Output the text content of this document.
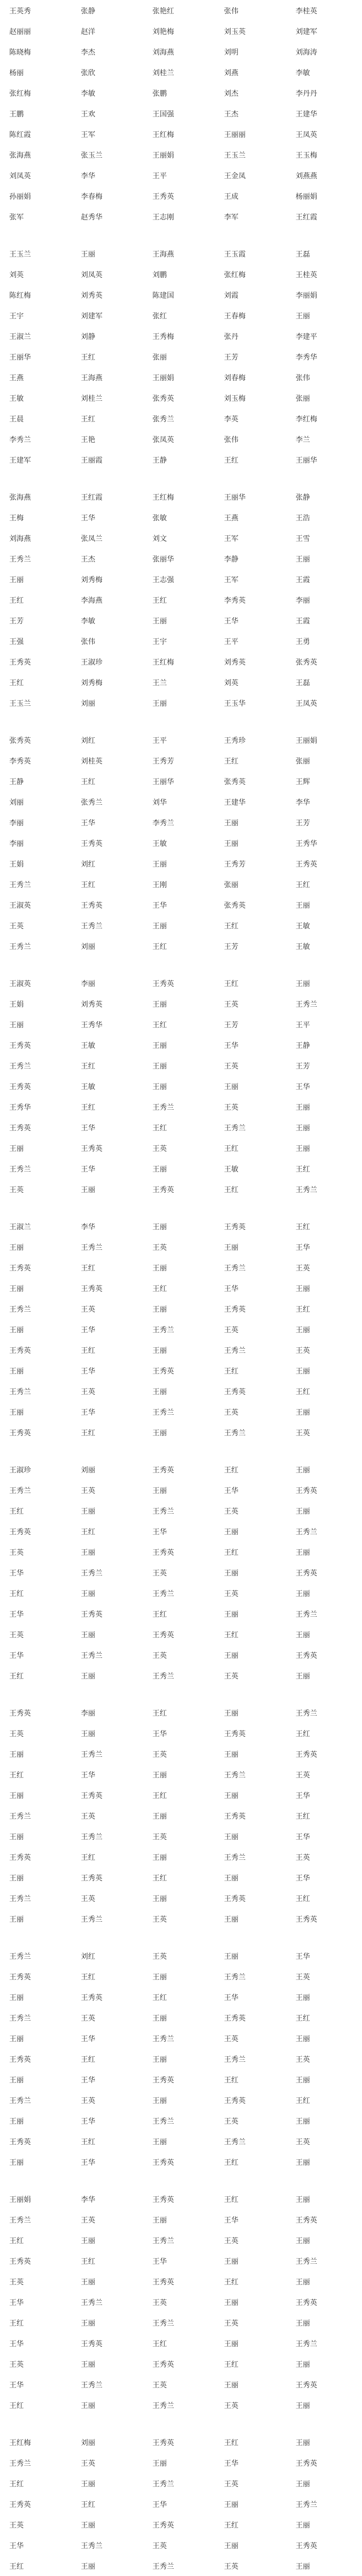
王英秀	张静	张艳红	张伟	李桂英
赵丽丽	赵洋	刘艳梅	刘玉英	刘建军
陈晓梅	李杰	刘海燕	刘明	刘海涛
杨丽	张欣	刘桂兰	刘燕	李敏
张红梅	李敏	张鹏	刘杰	李丹丹
王鹏	王欢	王国强	王杰	王建华
陈红霞	王军	王红梅	王丽丽	王凤英
张海燕	张玉兰	王丽娟	王玉兰	王玉梅
刘凤英	李华	王平	王金凤	刘燕燕
孙丽娟	李春梅	王秀英	王成	杨丽娟
张军	赵秀华	王志刚	李军	王红霞
王玉兰	王丽	王海燕	王玉霞	王磊
刘英	刘凤英	刘鹏	张红梅	王桂英
陈红梅	刘秀英	陈建国	刘霞	李丽娟
王宇	刘建军	张红	王春梅	王丽
王淑兰	刘静	王秀梅	张丹	李建平
王丽华	王红	张丽	王芳	李秀华
王燕	王海燕	王丽娟	刘春梅	张伟
王敏	刘桂兰	张秀英	刘玉梅	张丽
王晨	王红	张秀兰	李英	李红梅
李秀兰	王艳	张凤英	张伟	李兰
王建军	王丽霞	王静	王红	王丽华
张海燕	王红霞	王红梅	王丽华	张静
王梅	王华	张敏	王燕	王浩
刘海燕	张凤兰	刘文	王军	王雪
王秀兰	王杰	张丽华	李静	王丽
王丽	刘秀梅	王志强	王军	王霞
王红	李海燕	王红	李秀英	李丽
王芳	李敏	王丽	王华	王霞
王强	张伟	王宇	王平	王勇
王秀英	王淑珍	王红梅	刘秀英	张秀英
王红	刘秀梅	王兰	刘英	王磊
王玉兰	刘丽	王丽	王玉华	王凤英
张秀英	刘红	王平	王秀珍	王丽娟
李秀英	刘桂英	王秀芳	王红	张丽
王静	王红	王丽华	张秀英	王辉
刘丽	张秀兰	刘华	王建华	李华
李丽	王华	李秀兰	王丽	王芳
李丽	王秀英	王敏	王丽	王秀华
王娟	刘红	王丽	王秀芳	王秀英
王秀兰	王红	王刚	张丽	王红
王淑英	王秀英	王华	张秀英	王丽
王英	王秀兰	王丽	王红	王敏
王秀兰	刘丽	王红	王芳	王敏
王淑英	李丽	王秀英	王红	王丽
王娟	刘秀英	王丽	王英	王秀兰
王丽	王秀华	王红	王芳	王平
王秀英	王敏	王丽	王华	王静
王秀兰	王红	王丽	王英	王芳
王秀英	王敏	王丽	王丽	王华
王秀华	王红	王秀兰	王英	王丽
王秀英	王华	王红	王秀兰	王丽
王丽	王秀英	王英	王红	王丽
王秀兰	王华	王丽	王敏	王红
王英	王丽	王秀英	王红	王秀兰
王淑兰	李华	王丽	王秀英	王红
王丽	王秀兰	王英	王丽	王华
王秀英	王红	王丽	王秀兰	王英
王丽	王秀英	王红	王华	王丽
王秀兰	王英	王丽	王秀英	王红
王丽	王华	王秀兰	王英	王丽
王秀英	王红	王丽	王秀兰	王英
王丽	王华	王秀英	王红	王丽
王秀兰	王英	王丽	王秀英	王红
王丽	王华	王秀兰	王英	王丽
王秀英	王红	王丽	王秀兰	王英
王淑珍	刘丽	王秀英	王红	王丽
王秀兰	王英	王丽	王华	王秀英
王红	王丽	王秀兰	王英	王丽
王秀英	王红	王华	王丽	王秀兰
王英	王丽	王秀英	王红	王丽
王华	王秀兰	王英	王丽	王秀英
王红	王丽	王秀兰	王英	王丽
王华	王秀英	王红	王丽	王秀兰
王英	王丽	王秀英	王红	王丽
王华	王秀兰	王英	王丽	王秀英
王红	王丽	王秀兰	王英	王丽
王秀英	李丽	王红	王丽	王秀兰
王英	王丽	王华	王秀英	王红
王丽	王秀兰	王英	王丽	王秀英
王红	王华	王丽	王秀兰	王英
王丽	王秀英	王红	王丽	王华
王秀兰	王英	王丽	王秀英	王红
王丽	王秀兰	王英	王丽	王华
王秀英	王红	王丽	王秀兰	王英
王丽	王秀英	王红	王丽	王华
王秀兰	王英	王丽	王秀英	王红
王丽	王秀兰	王英	王丽	王秀英
王秀兰	刘红	王英	王丽	王华
王秀英	王红	王丽	王秀兰	王英
王丽	王秀英	王红	王华	王丽
王秀兰	王英	王丽	王秀英	王红
王丽	王华	王秀兰	王英	王丽
王秀英	王红	王丽	王秀兰	王英
王丽	王华	王秀英	王红	王丽
王秀兰	王英	王丽	王秀英	王红
王丽	王华	王秀兰	王英	王丽
王秀英	王红	王丽	王秀兰	王英
王丽	王华	王秀英	王红	王丽
王丽娟	李华	王秀英	王红	王丽
王秀兰	王英	王丽	王华	王秀英
王红	王丽	王秀兰	王英	王丽
王秀英	王红	王华	王丽	王秀兰
王英	王丽	王秀英	王红	王丽
王华	王秀兰	王英	王丽	王秀英
王红	王丽	王秀兰	王英	王丽
王华	王秀英	王红	王丽	王秀兰
王英	王丽	王秀英	王红	王丽
王华	王秀兰	王英	王丽	王秀英
王红	王丽	王秀兰	王英	王丽
王红梅	刘丽	王秀英	王红	王丽
王秀兰	王英	王丽	王华	王秀英
王红	王丽	王秀兰	王英	王丽
王秀英	王红	王华	王丽	王秀兰
王英	王丽	王秀英	王红	王丽
王华	王秀兰	王英	王丽	王秀英
王红	王丽	王秀兰	王英	王丽
